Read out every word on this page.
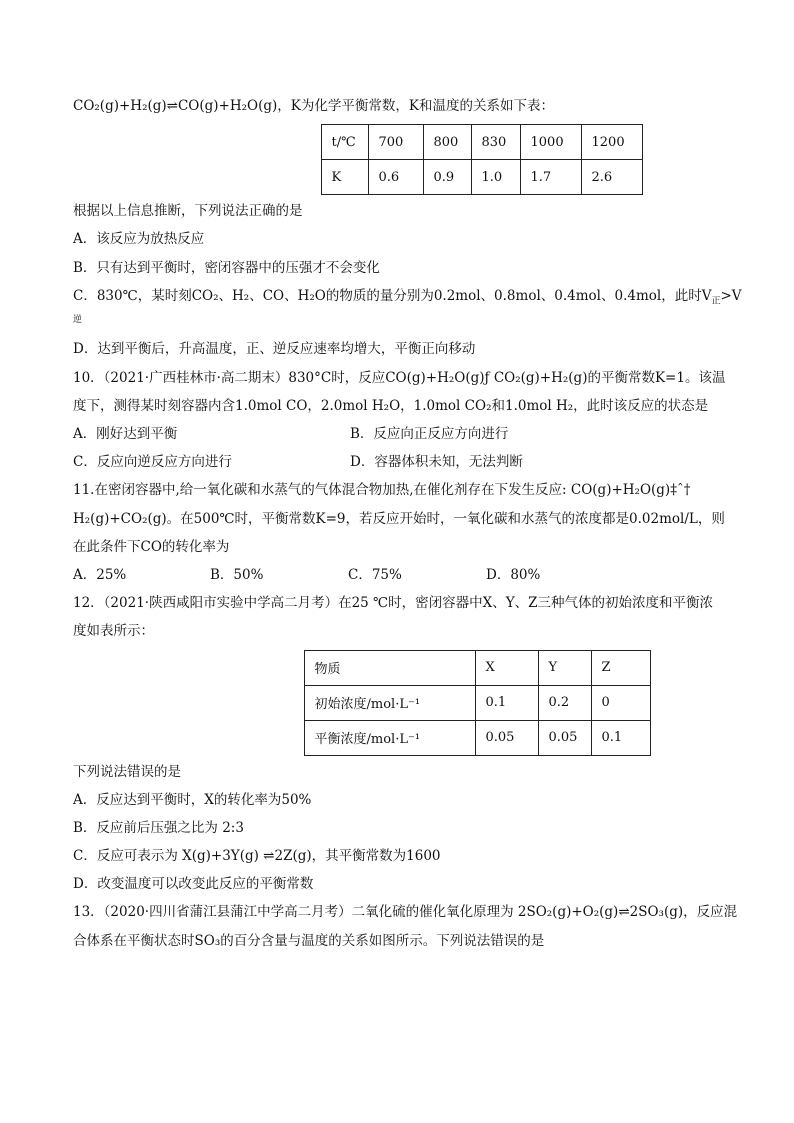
CO₂(g)+H₂(g)⇌CO(g)+H₂O(g)，K为化学平衡常数，K和温度的关系如下表：
t/℃	700	800	830	1000	1200
K	0.6	0.9	1.0	1.7	2.6
根据以上信息推断，下列说法正确的是
A．该反应为放热反应
B．只有达到平衡时，密闭容器中的压强才不会变化
C．830℃，某时刻CO₂、H₂、CO、H₂O的物质的量分别为0.2mol、0.8mol、0.4mol、0.4mol，此时$V_正>V$
逆
D．达到平衡后，升高温度，正、逆反应速率均增大，平衡正向移动
10．（2021·广西桂林市·高二期末）830°C时，反应CO(g)+H₂O(g)ƒ CO₂(g)+H₂(g)的平衡常数K=1。该温
度下，测得某时刻容器内含1.0mol CO，2.0mol H₂O，1.0mol CO₂和1.0mol H₂，此时该反应的状态是
A．刚好达到平衡	B．反应向正反应方向进行
C．反应向逆反应方向进行	D．容器体积未知，无法判断
11.在密闭容器中,给一氧化碳和水蒸气的气体混合物加热,在催化剂存在下发生反应: CO(g)+H₂O(g)‡ˆ†
H₂(g)+CO₂(g)。在500℃时，平衡常数K=9，若反应开始时，一氧化碳和水蒸气的浓度都是0.02mol/L，则
在此条件下CO的转化率为
A．25%	B．50%	C．75%	D．80%
12．（2021·陕西咸阳市实验中学高二月考）在25 ℃时，密闭容器中X、Y、Z三种气体的初始浓度和平衡浓
度如表所示：
物质	X	Y	Z
初始浓度/mol·L⁻¹	0.1	0.2	0
平衡浓度/mol·L⁻¹	0.05	0.05	0.1
下列说法错误的是
A．反应达到平衡时，X的转化率为50%
B．反应前后压强之比为 2:3
C．反应可表示为 X(g)+3Y(g) ⇌2Z(g)，其平衡常数为1600
D．改变温度可以改变此反应的平衡常数
13．（2020·四川省蒲江县蒲江中学高二月考）二氧化硫的催化氧化原理为 2SO₂(g)+O₂(g)⇌2SO₃(g)，反应混
合体系在平衡状态时SO₃的百分含量与温度的关系如图所示。下列说法错误的是
